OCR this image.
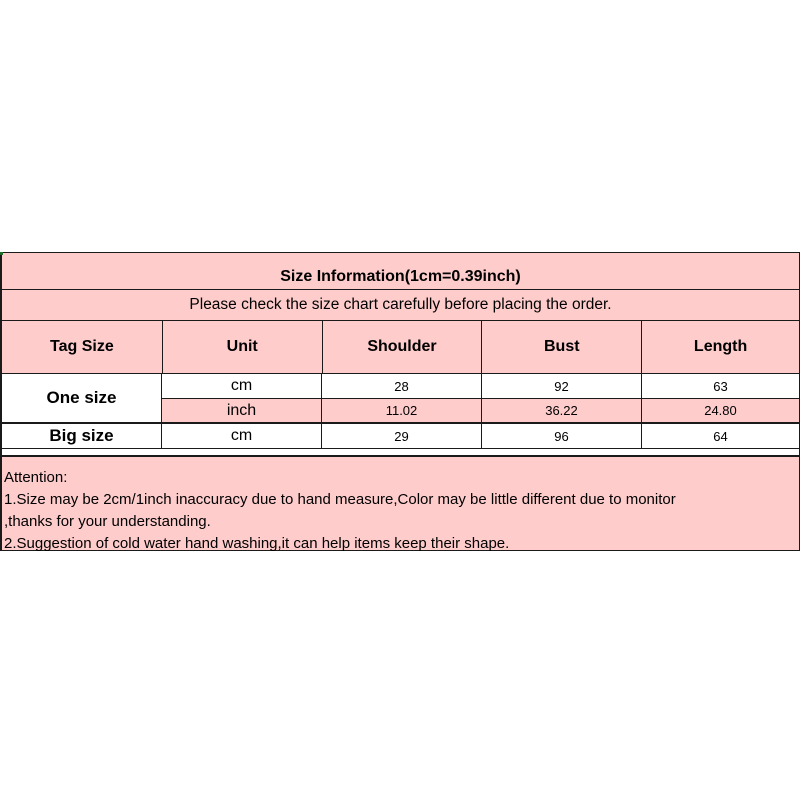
Size Information(1cm=0.39inch)
Please check the size chart carefully before placing the order.
Tag Size	Unit	Shoulder	Bust	Length
One size
cm	28	92	63
inch	11.02	36.22	24.80
Big size	cm	29	96	64
Attention:
1.Size may be 2cm/1inch inaccuracy due to hand measure,Color may be little different due to monitor
,thanks for your understanding.
2.Suggestion of cold water hand washing,it can help items keep their shape.
